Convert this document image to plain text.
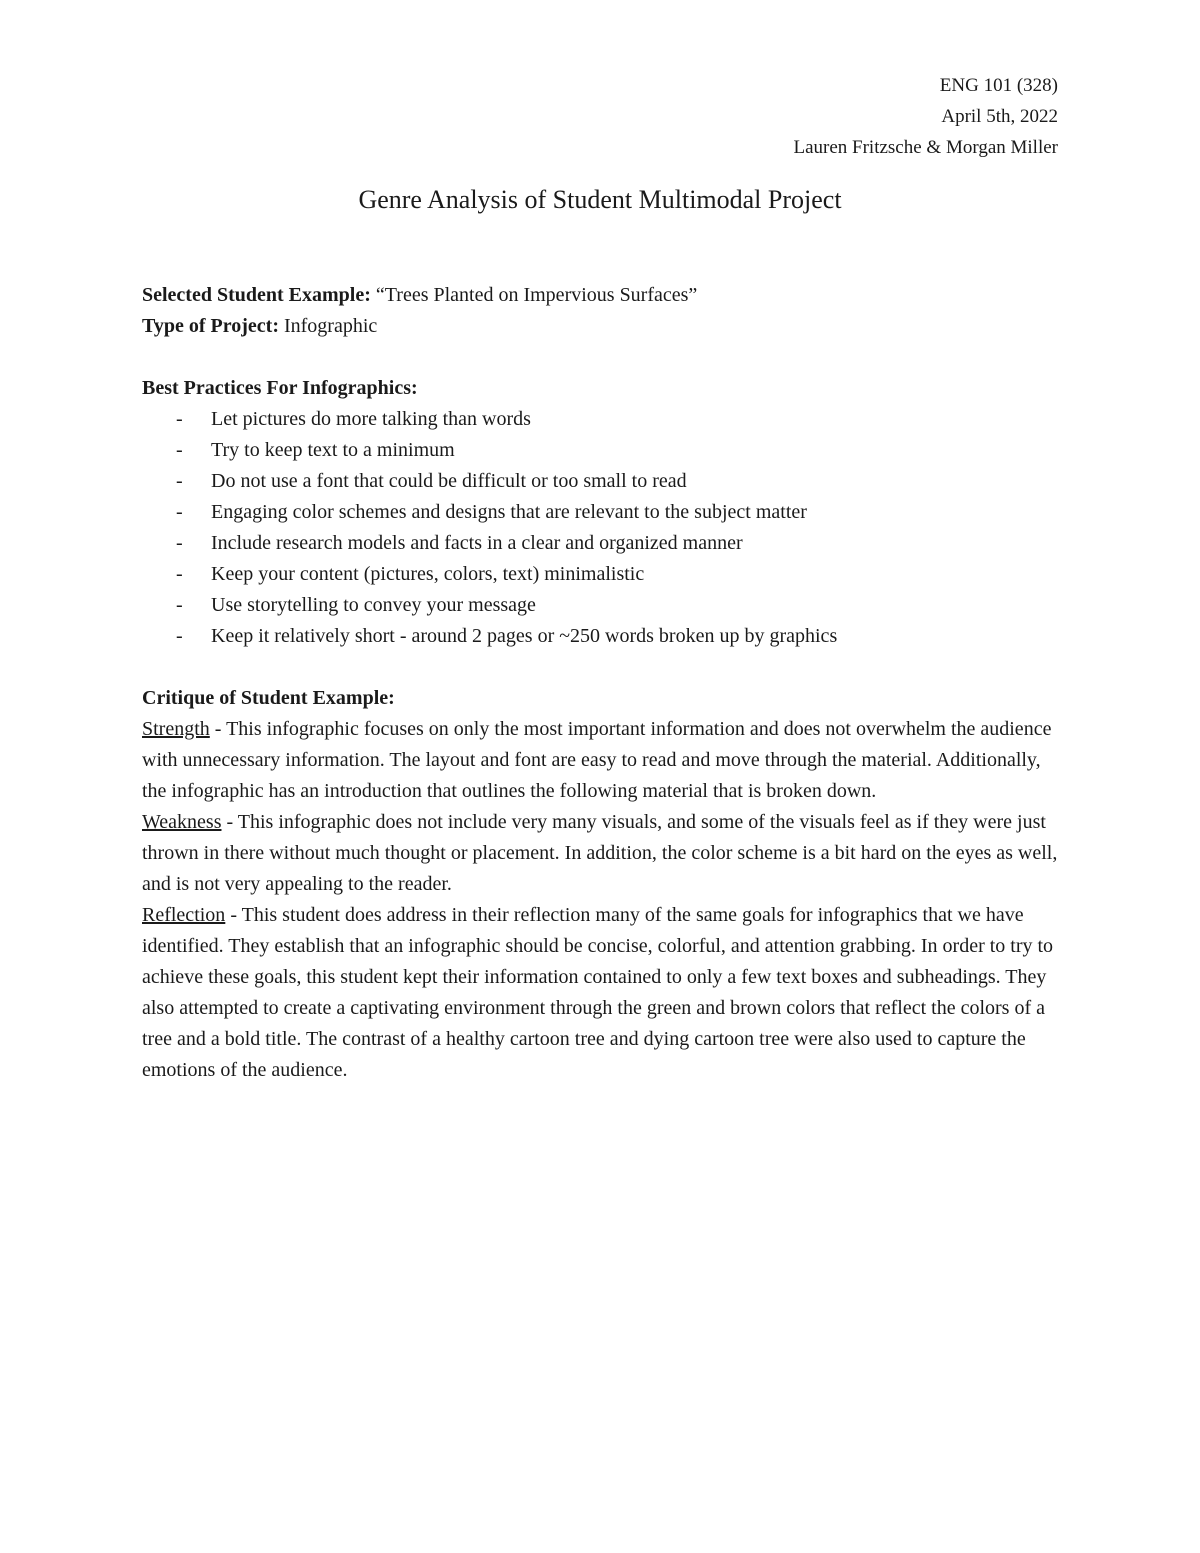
ENG 101 (328)
April 5th, 2022
Lauren Fritzsche & Morgan Miller
Genre Analysis of Student Multimodal Project

Selected Student Example: “Trees Planted on Impervious Surfaces”

Type of Project: Infographic

Best Practices For Infographics:

- Let pictures do more talking than words
- Try to keep text to a minimum
- Do not use a font that could be difficult or too small to read
- Engaging color schemes and designs that are relevant to the subject matter
- Include research models and facts in a clear and organized manner
- Keep your content (pictures, colors, text) minimalistic
- Use storytelling to convey your message
- Keep it relatively short - around 2 pages or ~250 words broken up by graphics

Critique of Student Example:

Strength - This infographic focuses on only the most important information and does not overwhelm the audience with unnecessary information. The layout and font are easy to read and move through the material. Additionally, the infographic has an introduction that outlines the following material that is broken down.

Weakness - This infographic does not include very many visuals, and some of the visuals feel as if they were just thrown in there without much thought or placement. In addition, the color scheme is a bit hard on the eyes as well, and is not very appealing to the reader.

Reflection - This student does address in their reflection many of the same goals for infographics that we have identified. They establish that an infographic should be concise, colorful, and attention grabbing. In order to try to achieve these goals, this student kept their information contained to only a few text boxes and subheadings. They also attempted to create a captivating environment through the green and brown colors that reflect the colors of a tree and a bold title. The contrast of a healthy cartoon tree and dying cartoon tree were also used to capture the emotions of the audience.
